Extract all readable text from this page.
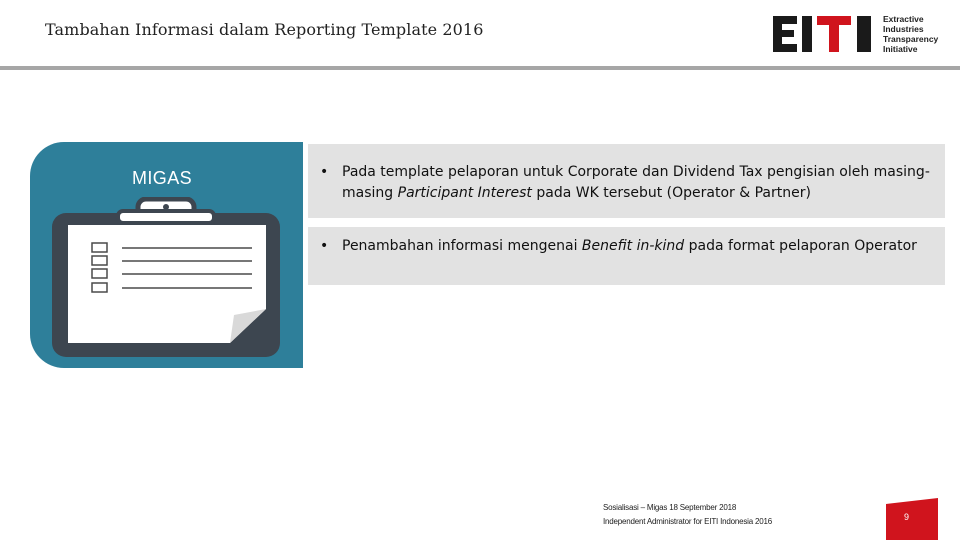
Tambahan Informasi dalam Reporting Template 2016
Extractive
Industries
Transparency
Initiative
MIGAS	• Pada template pelaporan untuk Corporate dan Dividend Tax pengisian oleh masing-masing Participant Interest pada WK tersebut (Operator & Partner)
• Penambahan informasi mengenai Benefit in-kind pada format pelaporan Operator
Sosialisasi – Migas 18 September 2018
Independent Administrator for EITI Indonesia 2016	9
